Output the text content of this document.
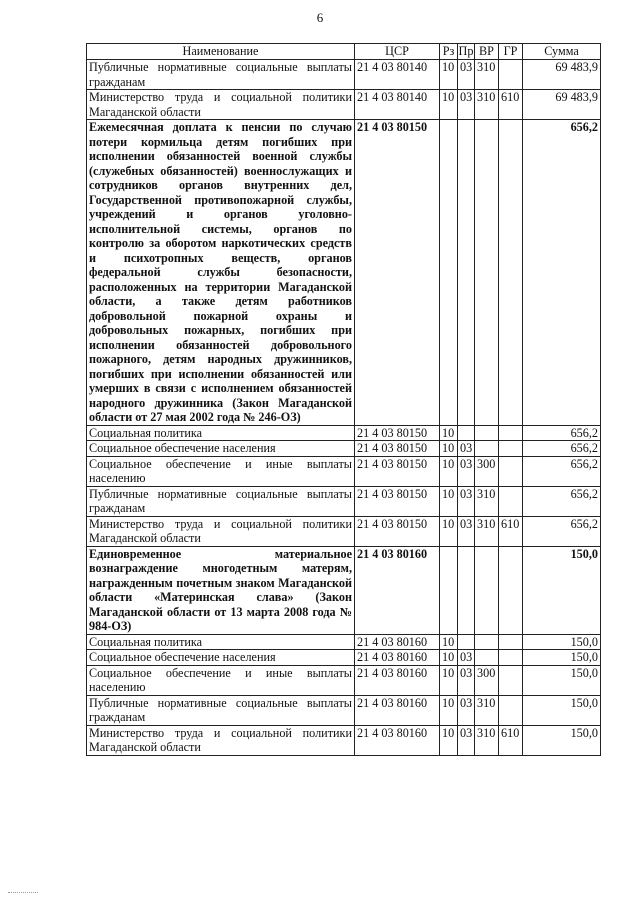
6
Наименование	ЦСР	Рз	Пр	ВР	ГР	Сумма
Публичные нормативные социальные выплаты гражданам	21 4 03 80140	10	03	310		69 483,9
Министерство труда и социальной политики Магаданской области	21 4 03 80140	10	03	310	610	69 483,9
Ежемесячная доплата к пенсии по случаю потери кормильца детям погибших при исполнении обязанностей военной службы (служебных обязанностей) военнослужащих и сотрудников органов внутренних дел, Государственной противопожарной службы, учреждений и органов уголовно-исполнительной системы, органов по контролю за оборотом наркотических средств и психотропных веществ, органов федеральной службы безопасности, расположенных на территории Магаданской области, а также детям работников добровольной пожарной охраны и добровольных пожарных, погибших при исполнении обязанностей добровольного пожарного, детям народных дружинников, погибших при исполнении обязанностей или умерших в связи с исполнением обязанностей народного дружинника (Закон Магаданской области от 27 мая 2002 года № 246-ОЗ)	21 4 03 80150					656,2
Социальная политика	21 4 03 80150	10				656,2
Социальное обеспечение населения	21 4 03 80150	10	03			656,2
Социальное обеспечение и иные выплаты населению	21 4 03 80150	10	03	300		656,2
Публичные нормативные социальные выплаты гражданам	21 4 03 80150	10	03	310		656,2
Министерство труда и социальной политики Магаданской области	21 4 03 80150	10	03	310	610	656,2
Единовременное материальное вознаграждение многодетным матерям, награжденным почетным знаком Магаданской области «Материнская слава» (Закон Магаданской области от 13 марта 2008 года № 984-ОЗ)	21 4 03 80160					150,0
Социальная политика	21 4 03 80160	10				150,0
Социальное обеспечение населения	21 4 03 80160	10	03			150,0
Социальное обеспечение и иные выплаты населению	21 4 03 80160	10	03	300		150,0
Публичные нормативные социальные выплаты гражданам	21 4 03 80160	10	03	310		150,0
Министерство труда и социальной политики Магаданской области	21 4 03 80160	10	03	310	610	150,0
